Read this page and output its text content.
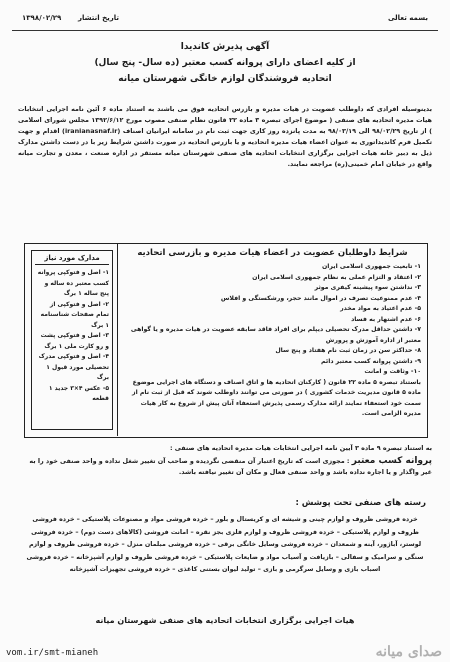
بسمه تعالی
تاریخ انتشار
۱۳۹۸/۰۲/۲۹
آگهی پذیرش کاندیدا
از کلیه اعضای دارای پروانه کسب معتبر (ده سال- پنج سال)
اتحادیه فروشندگان لوازم خانگی شهرستان میانه
بدینوسیله افرادی که داوطلب عضویت در هیات مدیره و بازرس اتحادیه فوق می باشند به استناد ماده ۶ آئین نامه اجرایی انتخابات هیات مدیره اتحادیه های صنفی ( موضوع اجرای تبصره ۳ ماده ۲۲ قانون نظام صنفی مصوب مورخ ۱۳۹۲/۶/۱۲ مجلس شورای اسلامی ) از تاریخ ۹۸/۰۲/۲۹ الی ۹۸/۰۳/۱۹ به مدت پانزده روز کاری جهت ثبت نام در سامانه ایرانیان اصناف (iranianasnaf.ir) اقدام و جهت تکمیل فرم کاندیداتوری به عنوان اعضاء هیات مدیره اتحادیه و یا بازرس اتحادیه در صورت داشتن شرایط زیر با در دست داشتن مدارک ذیل به دبیر خانه هیات اجرایی برگزاری انتخابات اتحادیه های صنفی شهرستان میانه مستقر در اداره صنعت ، معدن و تجارت میانه واقع در خیابان امام خمینی(ره) مراجعه نمایند.
شرایط داوطلبان عضویت در اعضاء هیات مدیره و بازرسی اتحادیه
۱- تابعیت جمهوری اسلامی ایران
۲- اعتقاد و التزام عملی به نظام جمهوری اسلامی ایران
۳- نداشتن سوء پیشینه کیفری موثر
۴- عدم ممنوعیت تصرف در اموال مانند حجر، ورشکستگی و افلاس
۵- عدم اعتیاد به مواد مخدر
۶- عدم اشتهار به فساد
۷- داشتن حداقل مدرک تحصیلی دیپلم برای افراد فاقد سابقه عضویت در هیات مدیره و یا گواهی معتبر از اداره آموزش و پرورش
۸- حداکثر سن در زمان ثبت نام هفتاد و پنج سال
۹- داشتن پروانه کسب معتبر دائم
۱۰- وثاقت و امانت
باستناد تبصره ۵ ماده ۲۲ قانون ( کارکنان اتحادیه ها و اتاق اصناف و دستگاه های اجرایی موضوع ماده ۵ قانون مدیریت خدمات کشوری ) در صورتی می توانند داوطلب شوند که قبل از ثبت نام از سمت خود استعفاء نمایند ارائه مدارک رسمی پذیرش استعفاء آنان پیش از شروع به کار هیات مدیره الزامی است.
مدارک مورد نیاز
۱- اصل و فتوکپی پروانه کسب معتبر ده ساله و پنج ساله ۱ برگ
۲- اصل و فتوکپی از تمام صفحات شناسنامه ۱ برگ
۳- اصل و فتوکپی پشت و رو کارت ملی ۱ برگ
۴- اصل و فتوکپی مدرک تحصیلی مورد قبول ۱ برگ
۵- عکس ۴×۳ جدید ۱ قطعه
به استناد تبصره ۹ ماده ۳ آیین نامه اجرایی انتخابات هیات مدیره اتحادیه های صنفی :
پروانه کسب معتبر : مجوزی است که تاریخ اعتبار آن منقضی نگردیده و صاحب آن تغییر شغل نداده و واحد صنفی خود را به غیر واگذار و یا اجاره نداده باشد و واحد صنفی فعال و مکان آن تغییر نیافته باشد.
رسته های صنفی تحت پوشش :
خرده فروشی ظروف و لوازم چینی و شیشه ای و کریستال و بلور – خرده فروشی مواد و مصنوعات پلاستیکی – خرده فروشی
ظروف و لوازم پلاستیکی – خرده فروشی ظروف و لوازم فلزی بجز نقره – امانت فروشی (کالاهای دست دوم) – خرده فروشی
لوستر، آباژور، آینه و شمعدان – خرده فروشی وسایل خانگی برقی – خرده فروشی مبلمان منزل – خرده فروشی ظروف و لوازم
سنگی و سرامیک و سفالی – بازیافت و آسیاب مواد و ضایعات پلاستیکی – خرده فروشی ظروف و لوازم آشپزخانه – خرده فروشی
اسباب بازی و وسایل سرگرمی و بازی – تولید لیوان بستنی کاغذی – خرده فروشی تجهیزات آشپزخانه
هیات اجرایی برگزاری انتخابات اتحادیه های صنفی شهرستان میانه
vom.ir/smt-mianeh	صدای میانه
